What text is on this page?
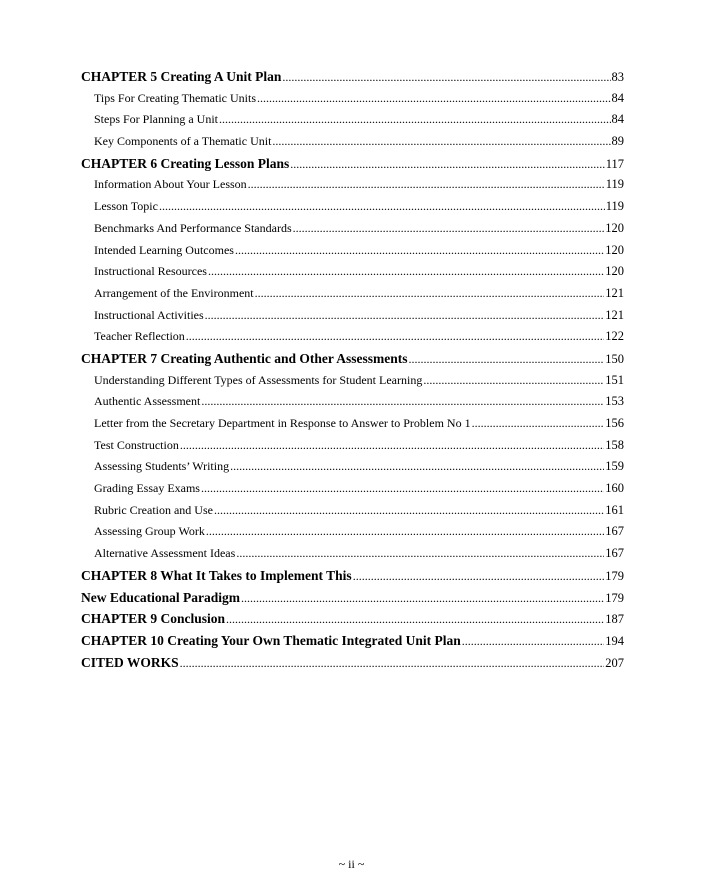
CHAPTER 5 Creating A Unit Plan .....	83
Tips For Creating Thematic Units .....	84
Steps For Planning a Unit .....	84
Key Components of a Thematic Unit .....	89
CHAPTER 6 Creating Lesson Plans .....	117
Information About Your Lesson .....	119
Lesson Topic .....	119
Benchmarks And Performance Standards .....	120
Intended Learning Outcomes .....	120
Instructional Resources .....	120
Arrangement of the Environment .....	121
Instructional Activities .....	121
Teacher Reflection .....	122
CHAPTER 7 Creating Authentic and Other Assessments .....	150
Understanding Different Types of Assessments for Student Learning .....	151
Authentic Assessment .....	153
Letter from the Secretary Department in Response to Answer to Problem No 1 .....	156
Test Construction .....	158
Assessing Students’ Writing .....	159
Grading Essay Exams .....	160
Rubric Creation and Use .....	161
Assessing Group Work .....	167
Alternative Assessment Ideas .....	167
CHAPTER 8 What It Takes to Implement This .....	179
New Educational Paradigm .....	179
CHAPTER 9 Conclusion .....	187
CHAPTER 10 Creating Your Own Thematic Integrated Unit Plan .....	194
CITED WORKS .....	207
~ ii ~
